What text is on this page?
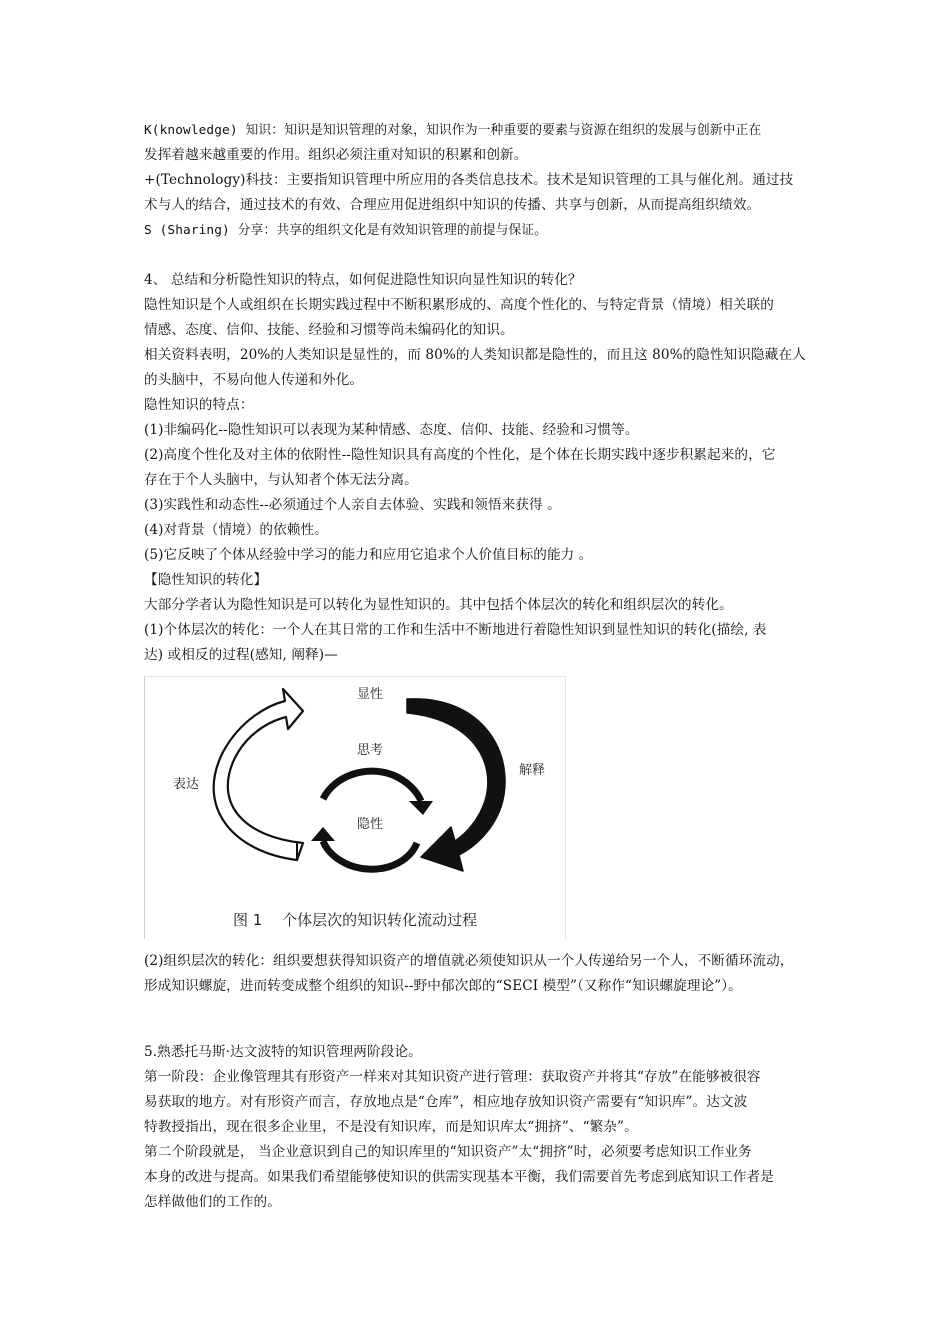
K(knowledge) 知识：知识是知识管理的对象，知识作为一种重要的要素与资源在组织的发展与创新中正在
发挥着越来越重要的作用。组织必须注重对知识的积累和创新。
+(Technology)科技：主要指知识管理中所应用的各类信息技术。技术是知识管理的工具与催化剂。通过技
术与人的结合，通过技术的有效、合理应用促进组织中知识的传播、共享与创新，从而提高组织绩效。
S (Sharing) 分享：共享的组织文化是有效知识管理的前提与保证。
4、 总结和分析隐性知识的特点，如何促进隐性知识向显性知识的转化？
隐性知识是个人或组织在长期实践过程中不断积累形成的、高度个性化的、与特定背景（情境）相关联的
情感、态度、信仰、技能、经验和习惯等尚未编码化的知识。
相关资料表明，20%的人类知识是显性的，而 80%的人类知识都是隐性的，而且这 80%的隐性知识隐藏在人
的头脑中，不易向他人传递和外化。
隐性知识的特点：
(1)非编码化--隐性知识可以表现为某种情感、态度、信仰、技能、经验和习惯等。
(2)高度个性化及对主体的依附性--隐性知识具有高度的个性化，是个体在长期实践中逐步积累起来的，它
存在于个人头脑中，与认知者个体无法分离。
(3)实践性和动态性--必须通过个人亲自去体验、实践和领悟来获得 。
(4)对背景（情境）的依赖性。
(5)它反映了个体从经验中学习的能力和应用它追求个人价值目标的能力 。
【隐性知识的转化】
大部分学者认为隐性知识是可以转化为显性知识的。其中包括个体层次的转化和组织层次的转化。
(1)个体层次的转化：一个人在其日常的工作和生活中不断地进行着隐性知识到显性知识的转化(描绘, 表
达) 或相反的过程(感知, 阐释)—
显性
表达
思考
解释
隐性
图 1　 个体层次的知识转化流动过程
(2)组织层次的转化：组织要想获得知识资产的增值就必须使知识从一个人传递给另一个人，不断循环流动，
形成知识螺旋，进而转变成整个组织的知识--野中郁次郎的“SECI 模型”（又称作“知识螺旋理论”）。
5.熟悉托马斯·达文波特的知识管理两阶段论。
第一阶段：企业像管理其有形资产一样来对其知识资产进行管理：获取资产并将其“存放”在能够被很容
易获取的地方。对有形资产而言，存放地点是“仓库”，相应地存放知识资产需要有“知识库”。达文波
特教授指出，现在很多企业里，不是没有知识库，而是知识库太“拥挤”、“繁杂”。
第二个阶段就是， 当企业意识到自己的知识库里的“知识资产”太“拥挤”时，必须要考虑知识工作业务
本身的改进与提高。如果我们希望能够使知识的供需实现基本平衡，我们需要首先考虑到底知识工作者是
怎样做他们的工作的。
